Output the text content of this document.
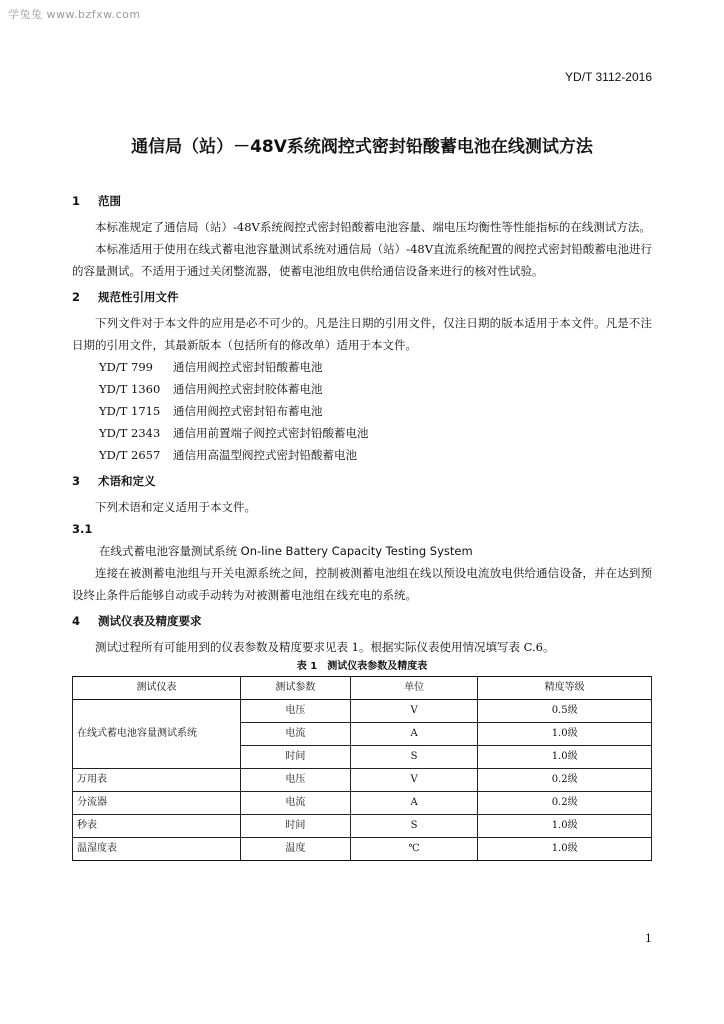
学兔兔 www.bzfxw.com
YD/T 3112-2016
通信局（站）－48V系统阀控式密封铅酸蓄电池在线测试方法
1 范围
本标准规定了通信局（站）-48V系统阀控式密封铅酸蓄电池容量、端电压均衡性等性能指标的在线测试方法。
本标准适用于使用在线式蓄电池容量测试系统对通信局（站）-48V直流系统配置的阀控式密封铅酸蓄电池进行的容量测试。不适用于通过关闭整流器，使蓄电池组放电供给通信设备来进行的核对性试验。
2 规范性引用文件
下列文件对于本文件的应用是必不可少的。凡是注日期的引用文件，仅注日期的版本适用于本文件。凡是不注日期的引用文件，其最新版本（包括所有的修改单）适用于本文件。
YD/T 799 通信用阀控式密封铅酸蓄电池
YD/T 1360 通信用阀控式密封胶体蓄电池
YD/T 1715 通信用阀控式密封铅布蓄电池
YD/T 2343 通信用前置端子阀控式密封铅酸蓄电池
YD/T 2657 通信用高温型阀控式密封铅酸蓄电池
3 术语和定义
下列术语和定义适用于本文件。
3.1
在线式蓄电池容量测试系统 On-line Battery Capacity Testing System
连接在被测蓄电池组与开关电源系统之间，控制被测蓄电池组在线以预设电流放电供给通信设备，并在达到预设终止条件后能够自动或手动转为对被测蓄电池组在线充电的系统。
4 测试仪表及精度要求
测试过程所有可能用到的仪表参数及精度要求见表 1。根据实际仪表使用情况填写表 C.6。
表 1　测试仪表参数及精度表
测试仪表	测试参数	单位	精度等级
在线式蓄电池容量测试系统	电压	V	0.5级
	电流	A	1.0级
	时间	S	1.0级
万用表	电压	V	0.2级
分流器	电流	A	0.2级
秒表	时间	S	1.0级
温湿度表	温度	℃	1.0级
1
